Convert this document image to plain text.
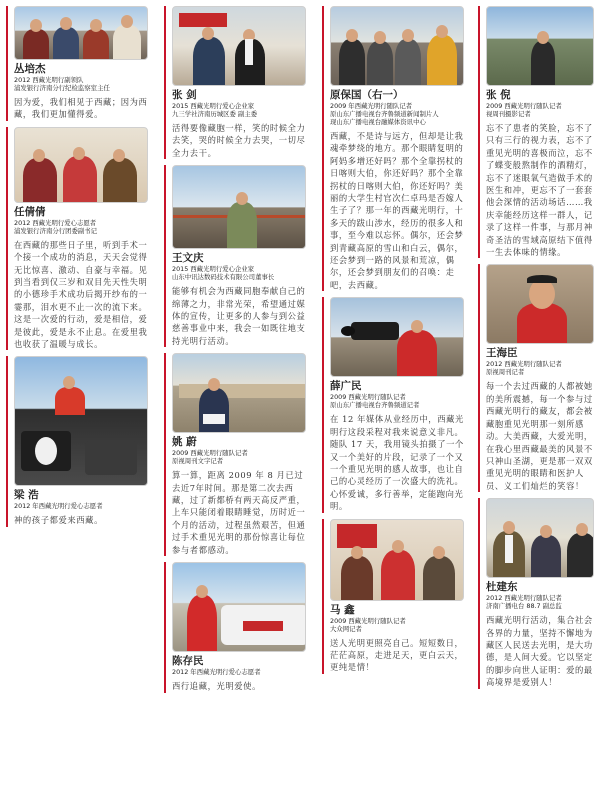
丛培杰
2012 西藏光明行副领队
浦发银行济南分行纪检监察室主任
因为爱，我们相见于西藏；因为西藏，我们更加懂得爱。
任倩倩
2012 西藏光明行爱心志愿者
浦发银行济南分行团委副书记
在西藏的那些日子里，听到手术一个接一个成功的消息，天天会觉得无比惊喜、激动、自豪与幸福。见到当看到仅三岁和双目先天性失明的小德珍手术成功后揭开纱布的一霎那，泪水更不止一次的流下来。这是一次爱的行动，爱是相信，爱是彼此，爱是永不止息。在爱里我也收获了温暖与成长。
梁 浩
2012 年西藏光明行爱心志愿者
神的孩子都爱来西藏。
张 剑
2015 西藏光明行爱心企业家
九三学社济南历城区委 副主委
活得要像藏胞一样，笑的时候全力去笑，哭的时候全力去哭，一切尽全力去干。
王文庆
2015 西藏光明行爱心企业家
山东中讯达数码技术有限公司董事长
能够有机会为西藏同胞奉献自己的绵薄之力，非常光荣，希望通过媒体的宣传，让更多的人参与到公益慈善事业中来，我会一如既往地支持光明行活动。
姚 蔚
2009 西藏光明行随队记者
原视周刊文字记者
算一算，距离 2009 年 8 月已过去近7年时间。那是第二次去西藏，过了新都桥有两天高反严重，上车只能闭着眼睛睡觉，历时近一个月的活动，过程虽然艰苦，但通过手术重见光明的那份惊喜让每位参与者都感动。
陈存民
2012 年西藏光明行爱心志愿者
西行追藏，光明爱使。
原保国（右一）
2009 年西藏光明行随队记者
原山东广播电视台齐鲁频道新闻制片人
现山东广播电视台融媒体资讯中心
西藏，不是诗与远方，但却是让我魂牵梦绕的地方。那个眼睛复明的阿妈多增还好吗？那个全靠拐杖的日喀则大伯，你还好吗？那个全靠拐杖的日喀则大伯，你还好吗？美丽的大学生村官次仁卓玛是否嫁人生子了？那一年的西藏光明行，十多天的跋山涉水，经历的很多人和事，至今难以忘怀。偶尔，还会梦到青藏高原的雪山和白云，偶尔，还会梦到一路的风景和荒凉，偶尔，还会梦到朋友们的召唤：走吧，去西藏。
薛广民
2009 西藏光明行随队记者
原山东广播电视台齐鲁频道记者
在 12 年媒体从业经历中，西藏光明行这段采程对我来说意义非凡。随队 17 天，我用镜头拍摄了一个又一个美好的片段，记录了一个又一个重见光明的感人故事，也让自己的心灵经历了一次盛大的洗礼。 心怀爱诚，多行善举，定能跑向光明。
马 鑫
2009 西藏光明行随队记者
大众网记者
送人光明更照亮自己。短短数日，茫茫高原，走进足天，更白云天，更纯是情！
张 倪
2009 西藏光明行随队记者
视周刊摄影记者
忘不了患者的笑脸，忘不了只有三行的视力表，忘不了重见光明的喜极而泣，忘不了蝶变般熬制作的酒精灯，忘不了迷眼氧气造做手术的医生和冲，更忘不了一套套他会深情的活动场话……我庆幸能经历这样一群人，记录了这样一件事，与那月神奇圣洁的雪域高原结下值得一生去体味的情缘。
王海臣
2012 西藏光明行随队记者
原视周刊记者
每一个去过西藏的人都被她的美所震撼，每一个参与过西藏光明行的藏友，都会被藏胞重见光明那一刻所感动。大美西藏，大爱光明，在我心里西藏最美的风景不只神山圣湖，更是那一双双重见光明的眼睛和医护人员、义工们灿烂的笑容！
杜建东
2012 西藏光明行随队记者
济南广播电台 88.7 副总监
西藏光明行活动，集合社会各界的力量，坚持不懈地为藏区人民送去光明，是大功德，是人间大爱。它以坚定的脚步向世人证明：爱的最高境界是爱别人！
